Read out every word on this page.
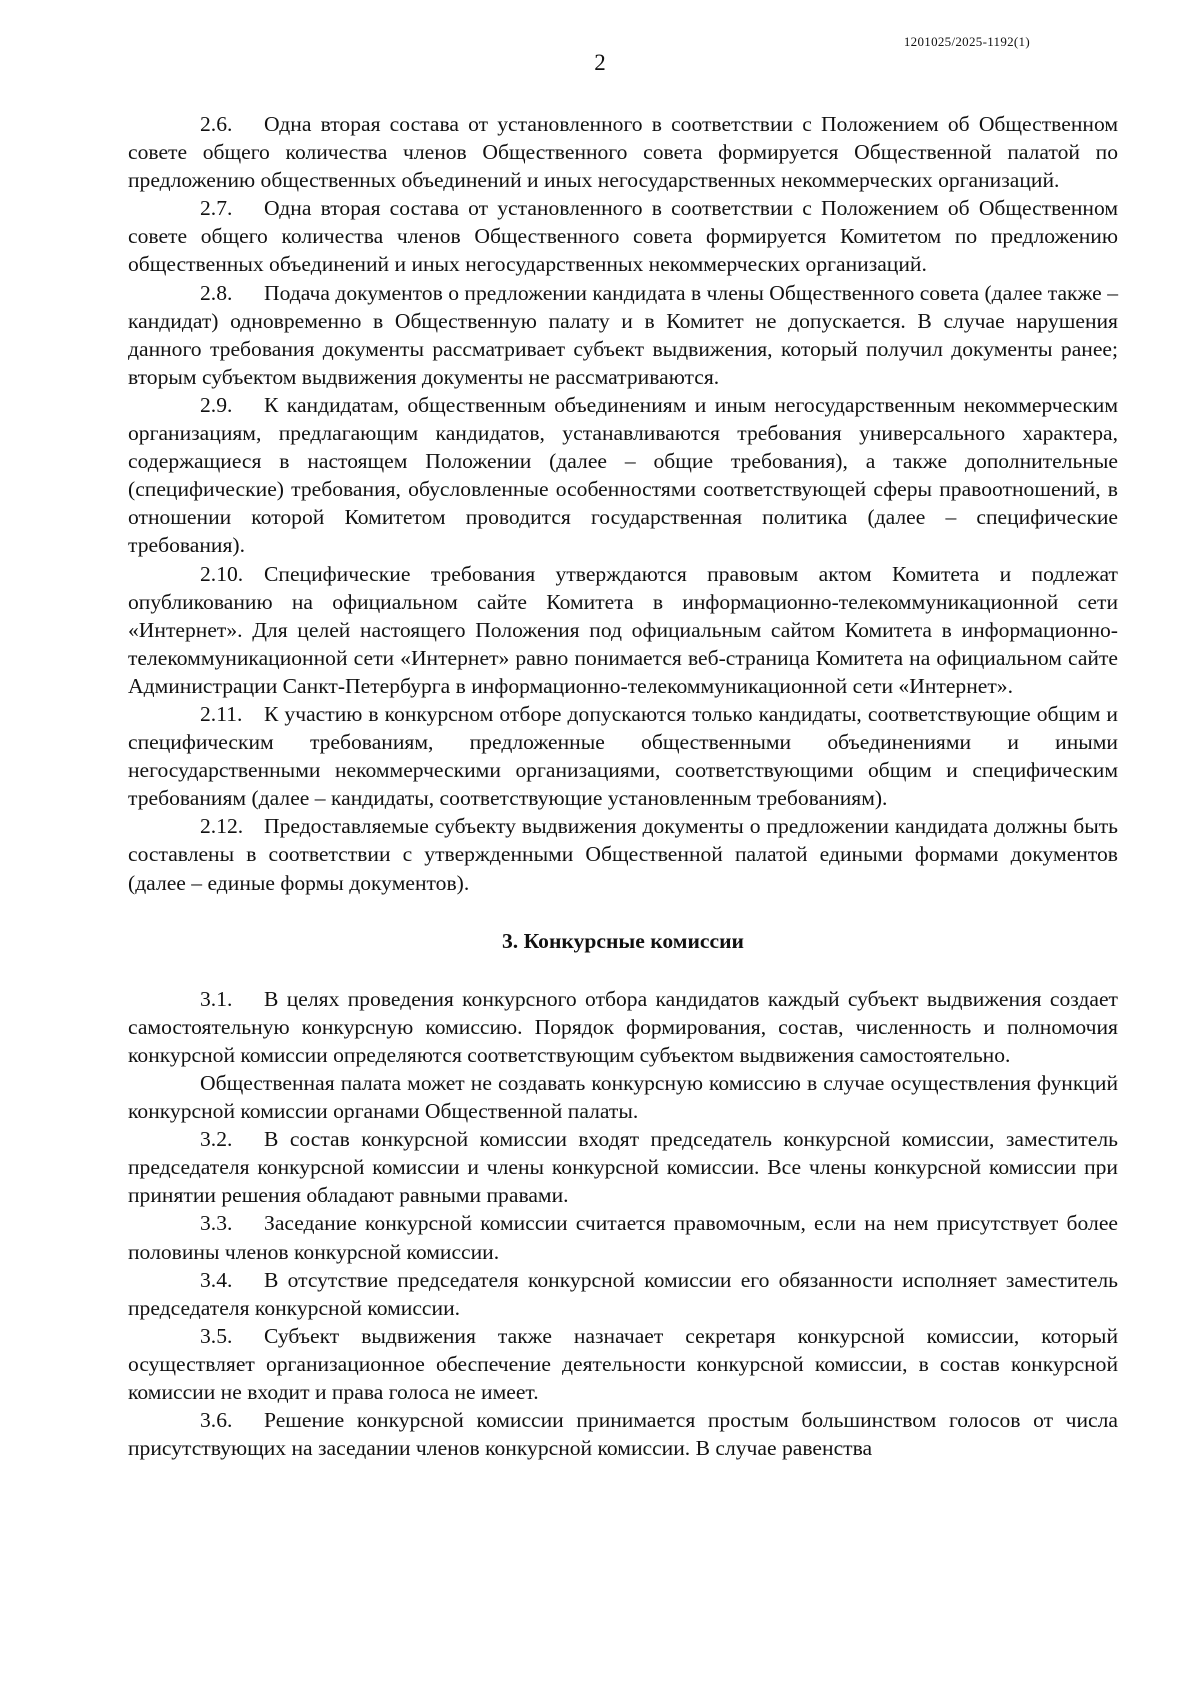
1201025/2025-1192(1)
2

2.6. Одна вторая состава от установленного в соответствии с Положением об Общественном совете общего количества членов Общественного совета формируется Общественной палатой по предложению общественных объединений и иных негосударственных некоммерческих организаций.

2.7. Одна вторая состава от установленного в соответствии с Положением об Общественном совете общего количества членов Общественного совета формируется Комитетом по предложению общественных объединений и иных негосударственных некоммерческих организаций.

2.8. Подача документов о предложении кандидата в члены Общественного совета (далее также – кандидат) одновременно в Общественную палату и в Комитет не допускается. В случае нарушения данного требования документы рассматривает субъект выдвижения, который получил документы ранее; вторым субъектом выдвижения документы не рассматриваются.

2.9. К кандидатам, общественным объединениям и иным негосударственным некоммерческим организациям, предлагающим кандидатов, устанавливаются требования универсального характера, содержащиеся в настоящем Положении (далее – общие требования), а также дополнительные (специфические) требования, обусловленные особенностями соответствующей сферы правоотношений, в отношении которой Комитетом проводится государственная политика (далее – специфические требования).

2.10. Специфические требования утверждаются правовым актом Комитета и подлежат опубликованию на официальном сайте Комитета в информационно-телекоммуникационной сети «Интернет». Для целей настоящего Положения под официальным сайтом Комитета в информационно-телекоммуникационной сети «Интернет» равно понимается веб-страница Комитета на официальном сайте Администрации Санкт-Петербурга в информационно-телекоммуникационной сети «Интернет».

2.11. К участию в конкурсном отборе допускаются только кандидаты, соответствующие общим и специфическим требованиям, предложенные общественными объединениями и иными негосударственными некоммерческими организациями, соответствующими общим и специфическим требованиям (далее – кандидаты, соответствующие установленным требованиям).

2.12. Предоставляемые субъекту выдвижения документы о предложении кандидата должны быть составлены в соответствии с утвержденными Общественной палатой едиными формами документов (далее – единые формы документов).

3. Конкурсные комиссии

3.1. В целях проведения конкурсного отбора кандидатов каждый субъект выдвижения создает самостоятельную конкурсную комиссию. Порядок формирования, состав, численность и полномочия конкурсной комиссии определяются соответствующим субъектом выдвижения самостоятельно.

Общественная палата может не создавать конкурсную комиссию в случае осуществления функций конкурсной комиссии органами Общественной палаты.

3.2. В состав конкурсной комиссии входят председатель конкурсной комиссии, заместитель председателя конкурсной комиссии и члены конкурсной комиссии. Все члены конкурсной комиссии при принятии решения обладают равными правами.

3.3. Заседание конкурсной комиссии считается правомочным, если на нем присутствует более половины членов конкурсной комиссии.

3.4. В отсутствие председателя конкурсной комиссии его обязанности исполняет заместитель председателя конкурсной комиссии.

3.5. Субъект выдвижения также назначает секретаря конкурсной комиссии, который осуществляет организационное обеспечение деятельности конкурсной комиссии, в состав конкурсной комиссии не входит и права голоса не имеет.

3.6. Решение конкурсной комиссии принимается простым большинством голосов от числа присутствующих на заседании членов конкурсной комиссии. В случае равенства
